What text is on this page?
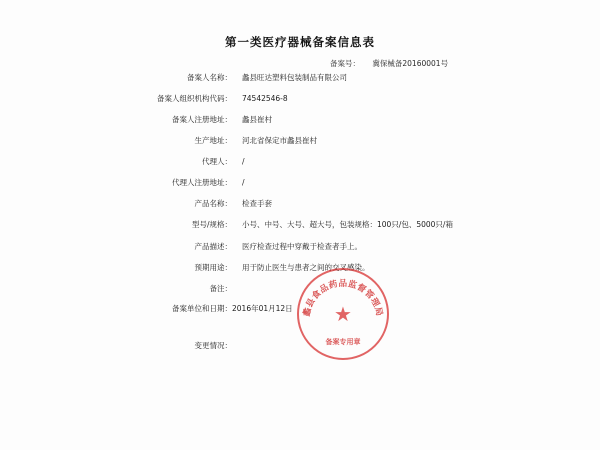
第一类医疗器械备案信息表
备案号： 冀保械备20160001号
备案人名称：	蠡县旺达塑料包装制品有限公司
备案人组织机构代码：	74542546-8
备案人注册地址：	蠡县崔村
生产地址：	河北省保定市蠡县崔村
代理人：	/
代理人注册地址：	/
产品名称：	检查手套
型号/规格：	小号、中号、大号、超大号，包装规格：100只/包、5000只/箱
产品描述：	医疗检查过程中穿戴于检查者手上。
预期用途：	用于防止医生与患者之间的交叉感染。
备注：
备案单位和日期： 2016年01月12日 蠡县食品药品监督管理局
★
备案专用章
变更情况：
